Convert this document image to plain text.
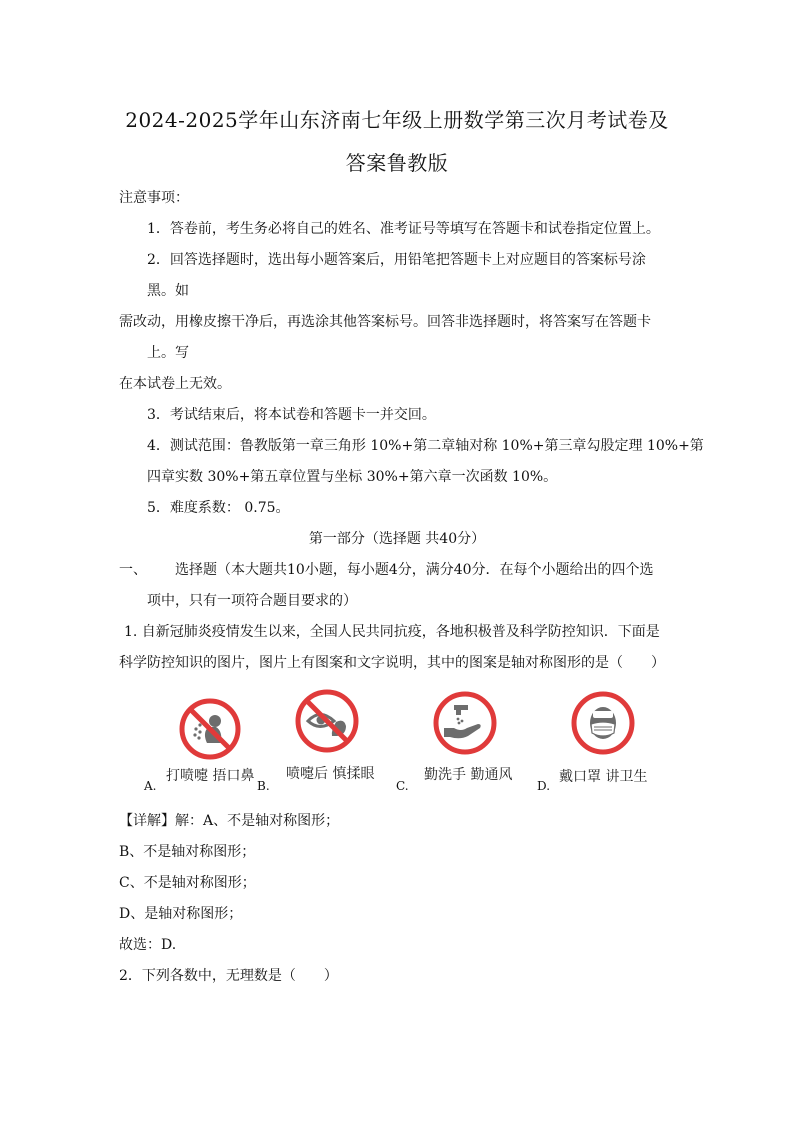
2024-2025学年山东济南七年级上册数学第三次月考试卷及
答案鲁教版
注意事项：
1．答卷前，考生务必将自己的姓名、准考证号等填写在答题卡和试卷指定位置上。
2．回答选择题时，选出每小题答案后，用铅笔把答题卡上对应题目的答案标号涂
黑。如
需改动，用橡皮擦干净后，再选涂其他答案标号。回答非选择题时，将答案写在答题卡
上。写
在本试卷上无效。
3．考试结束后，将本试卷和答题卡一并交回。
4．测试范围：鲁教版第一章三角形 10%+第二章轴对称 10%+第三章勾股定理 10%+第
四章实数 30%+第五章位置与坐标 30%+第六章一次函数 10%。
5．难度系数： 0.75。
第一部分（选择题 共40分）
一、 选择题（本大题共10小题，每小题4分，满分40分．在每个小题给出的四个选
项中，只有一项符合题目要求的）
1. 自新冠肺炎疫情发生以来，全国人民共同抗疫，各地积极普及科学防控知识．下面是
科学防控知识的图片，图片上有图案和文字说明，其中的图案是轴对称图形的是（　　）
A.
打喷嚏 捂口鼻
B.
喷嚏后 慎揉眼
C.
勤洗手 勤通风
D.
戴口罩 讲卫生
【详解】解：A、不是轴对称图形；
B、不是轴对称图形；
C、不是轴对称图形；
D、是轴对称图形；
故选：D.
2．下列各数中，无理数是（　　）
